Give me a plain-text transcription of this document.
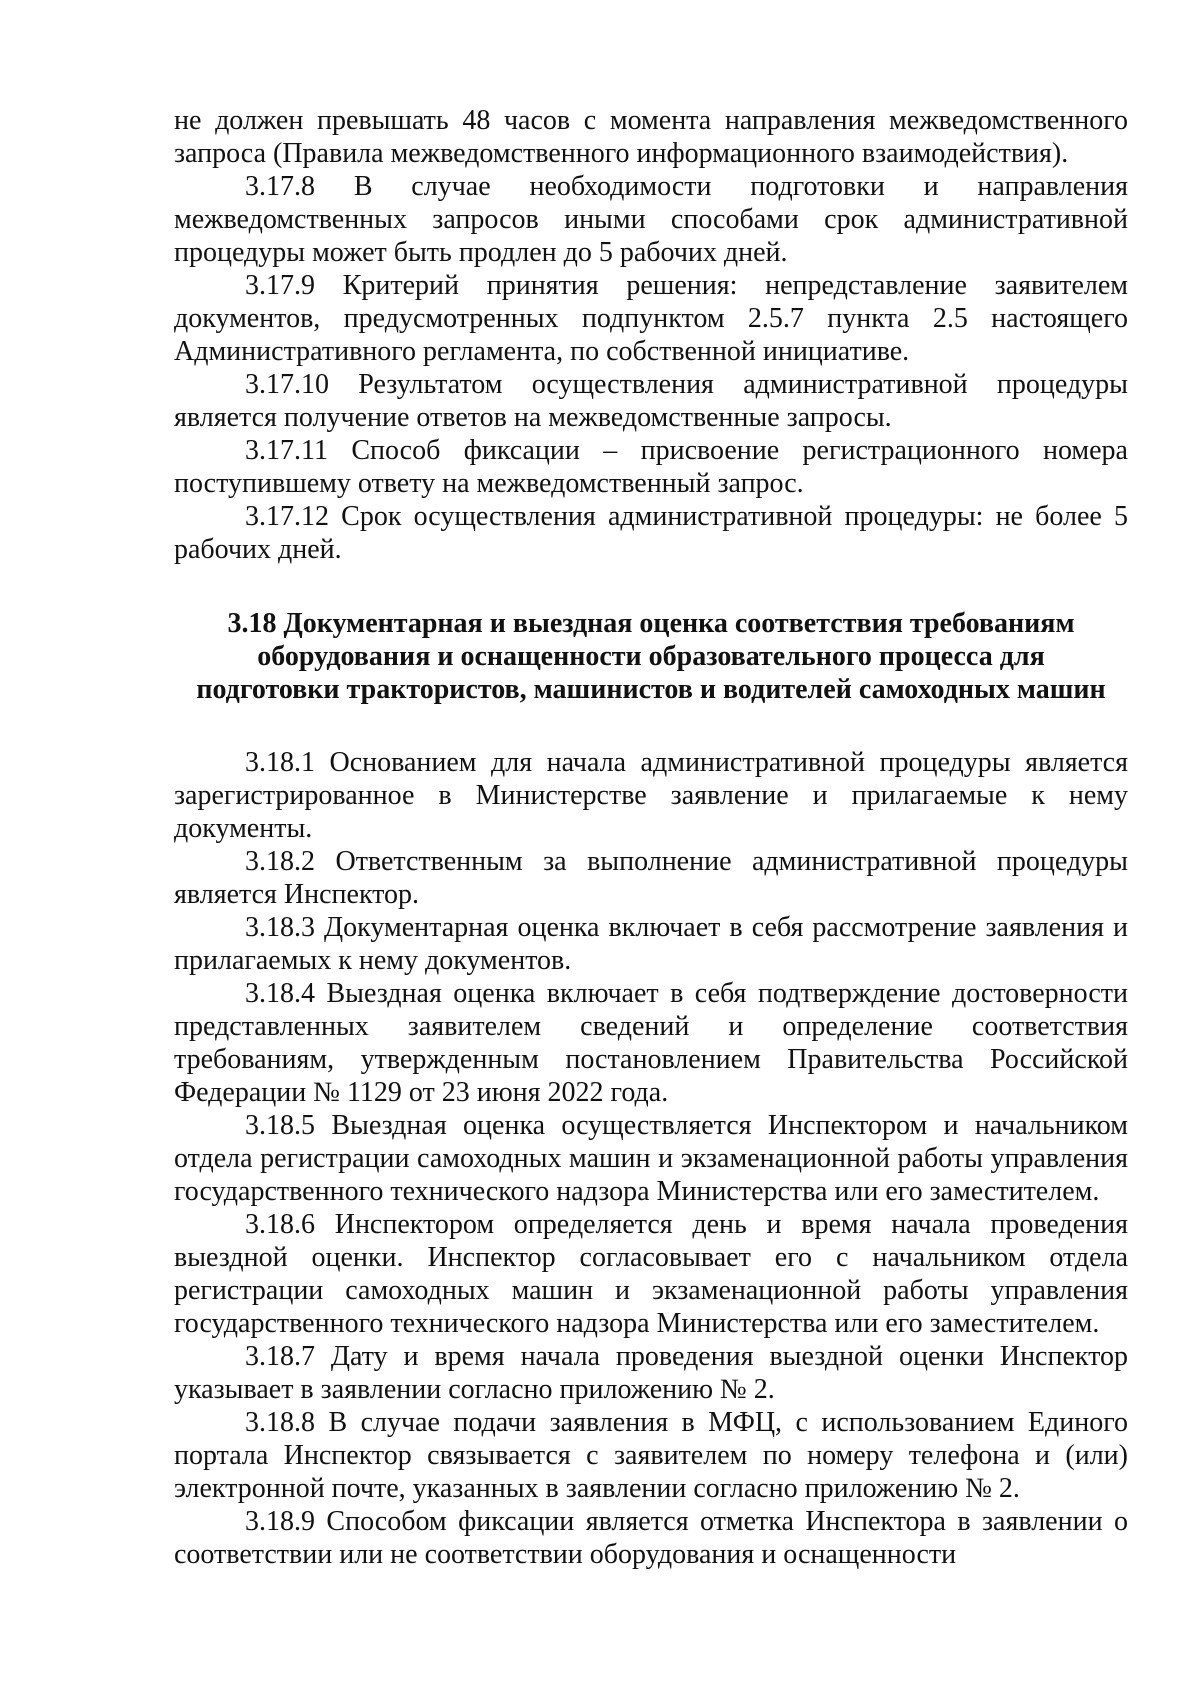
не должен превышать 48 часов с момента направления межведомственного запроса (Правила межведомственного информационного взаимодействия).

3.17.8 В случае необходимости подготовки и направления межведомственных запросов иными способами срок административной процедуры может быть продлен до 5 рабочих дней.

3.17.9 Критерий принятия решения: непредставление заявителем документов, предусмотренных подпунктом 2.5.7 пункта 2.5 настоящего Административного регламента, по собственной инициативе.

3.17.10 Результатом осуществления административной процедуры является получение ответов на межведомственные запросы.

3.17.11 Способ фиксации – присвоение регистрационного номера поступившему ответу на межведомственный запрос.

3.17.12 Срок осуществления административной процедуры: не более 5 рабочих дней.

3.18 Документарная и выездная оценка соответствия требованиям
оборудования и оснащенности образовательного процесса для
подготовки трактористов, машинистов и водителей самоходных машин

3.18.1 Основанием для начала административной процедуры является зарегистрированное в Министерстве заявление и прилагаемые к нему документы.

3.18.2 Ответственным за выполнение административной процедуры является Инспектор.

3.18.3 Документарная оценка включает в себя рассмотрение заявления и прилагаемых к нему документов.

3.18.4 Выездная оценка включает в себя подтверждение достоверности представленных заявителем сведений и определение соответствия требованиям, утвержденным постановлением Правительства Российской Федерации № 1129 от 23 июня 2022 года.

3.18.5 Выездная оценка осуществляется Инспектором и начальником отдела регистрации самоходных машин и экзаменационной работы управления государственного технического надзора Министерства или его заместителем.

3.18.6 Инспектором определяется день и время начала проведения выездной оценки. Инспектор согласовывает его с начальником отдела регистрации самоходных машин и экзаменационной работы управления государственного технического надзора Министерства или его заместителем.

3.18.7 Дату и время начала проведения выездной оценки Инспектор указывает в заявлении согласно приложению № 2.

3.18.8 В случае подачи заявления в МФЦ, с использованием Единого портала Инспектор связывается с заявителем по номеру телефона и (или) электронной почте, указанных в заявлении согласно приложению № 2.

3.18.9 Способом фиксации является отметка Инспектора в заявлении о соответствии или не соответствии оборудования и оснащенности
